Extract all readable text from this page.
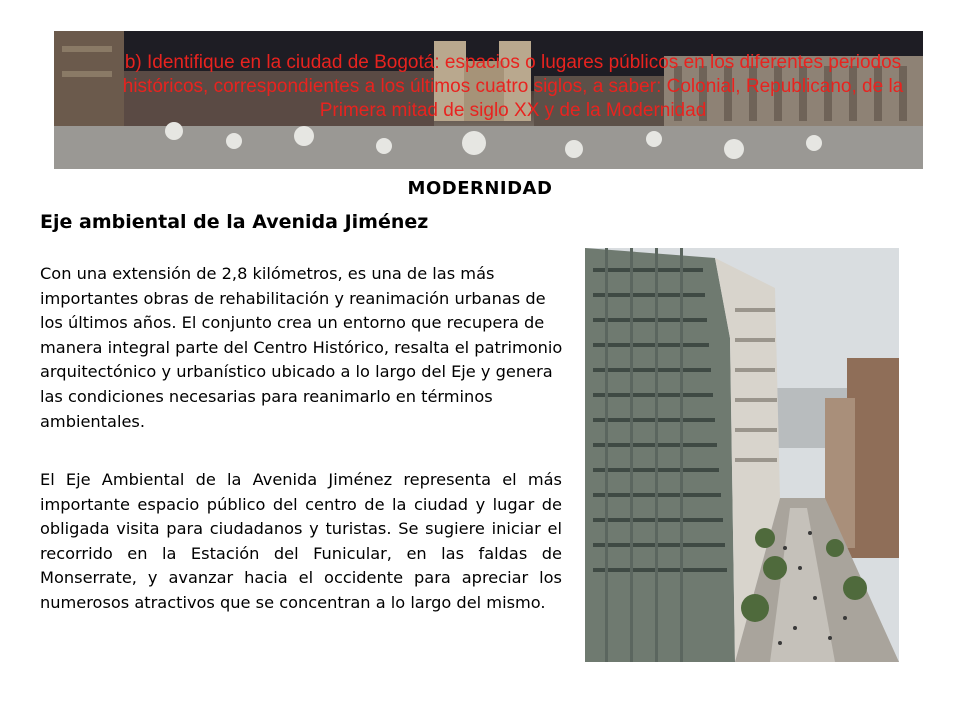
b) Identifique en la ciudad de Bogotá: espacios o lugares públicos en los diferentes periodos históricos, correspondientes a los últimos cuatro siglos, a saber: Colonial, Republicano, de la Primera mitad de siglo XX y de la Modernidad
MODERNIDAD
Eje ambiental de la Avenida Jiménez

Con una extensión de 2,8 kilómetros, es una de las más importantes obras de rehabilitación y reanimación urbanas de los últimos años. El conjunto crea un entorno que recupera de manera integral parte del Centro Histórico, resalta el patrimonio arquitectónico y urbanístico ubicado a lo largo del Eje y genera las condiciones necesarias para reanimarlo en términos ambientales.

El Eje Ambiental de la Avenida Jiménez representa el más importante espacio público del centro de la ciudad y lugar de obligada visita para ciudadanos y turistas. Se sugiere iniciar el recorrido en la Estación del Funicular, en las faldas de Monserrate, y avanzar hacia el occidente para apreciar los numerosos atractivos que se concentran a lo largo del mismo.
